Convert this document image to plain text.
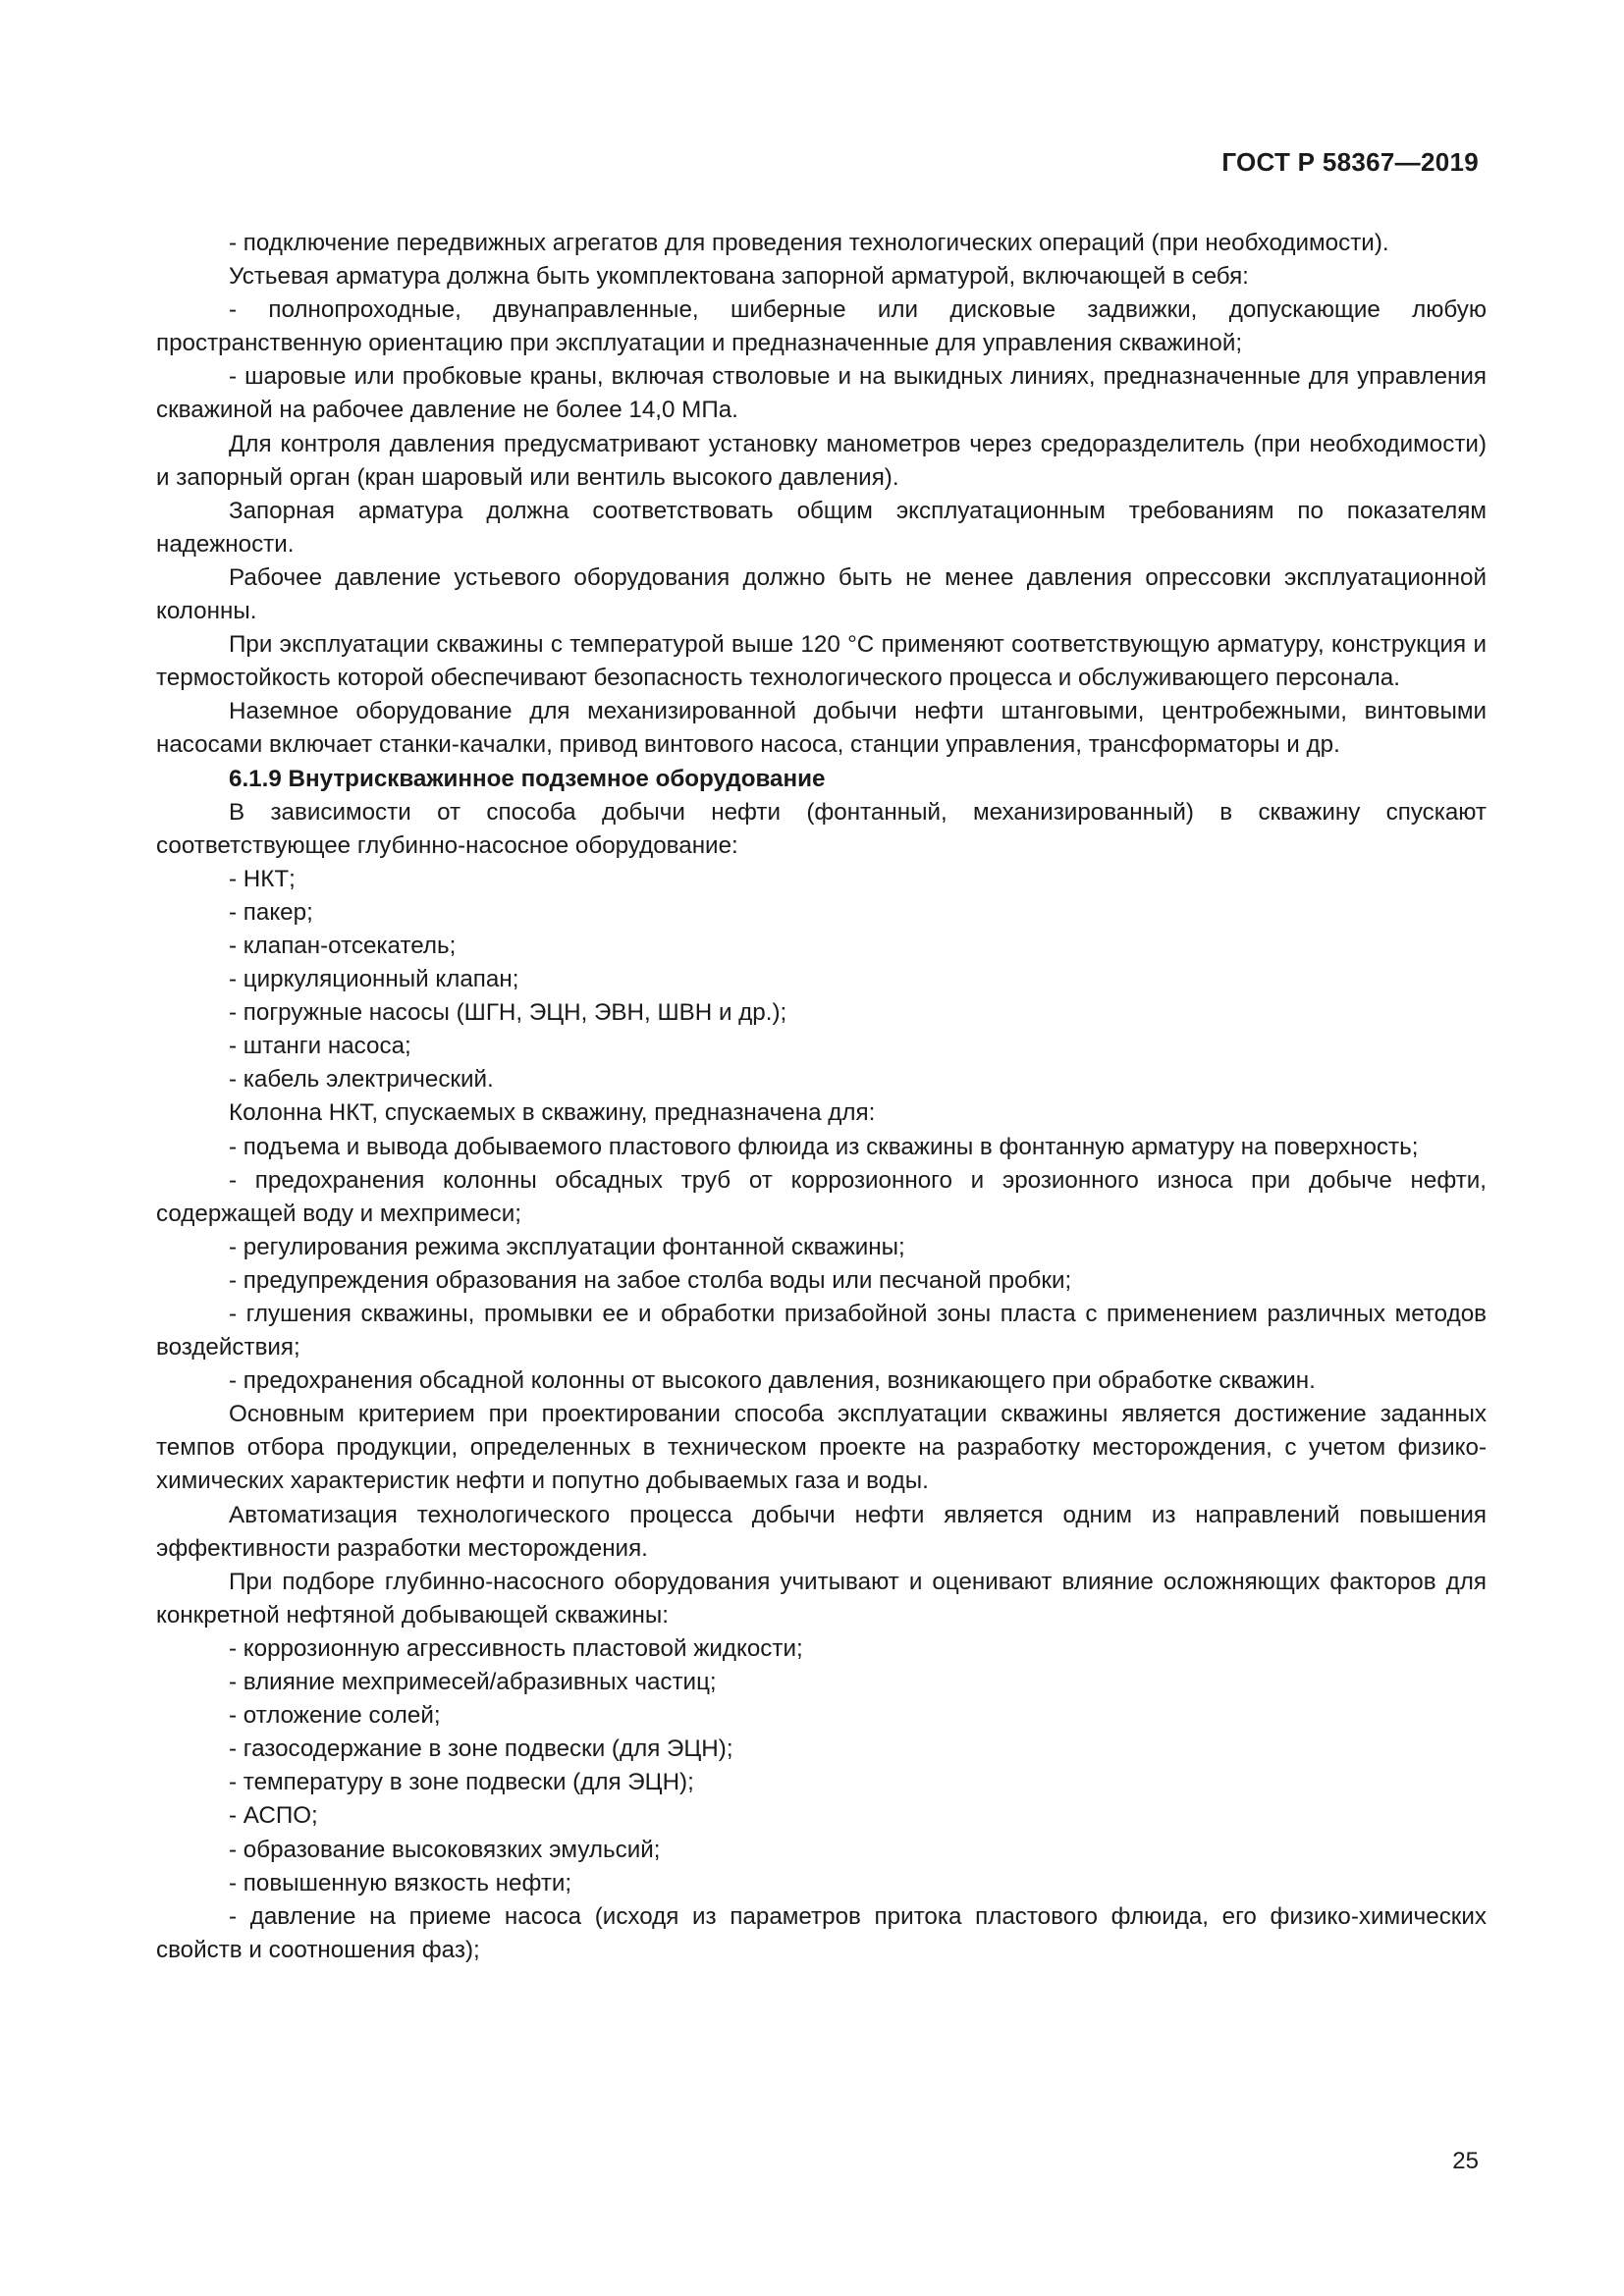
ГОСТ Р 58367—2019

- подключение передвижных агрегатов для проведения технологических операций (при необходимости).

Устьевая арматура должна быть укомплектована запорной арматурой, включающей в себя:

- полнопроходные, двунаправленные, шиберные или дисковые задвижки, допускающие любую пространственную ориентацию при эксплуатации и предназначенные для управления скважиной;

- шаровые или пробковые краны, включая стволовые и на выкидных линиях, предназначенные для управления скважиной на рабочее давление не более 14,0 МПа.

Для контроля давления предусматривают установку манометров через средоразделитель (при необходимости) и запорный орган (кран шаровый или вентиль высокого давления).

Запорная арматура должна соответствовать общим эксплуатационным требованиям по показателям надежности.

Рабочее давление устьевого оборудования должно быть не менее давления опрессовки эксплуатационной колонны.

При эксплуатации скважины с температурой выше 120 °С применяют соответствующую арматуру, конструкция и термостойкость которой обеспечивают безопасность технологического процесса и обслуживающего персонала.

Наземное оборудование для механизированной добычи нефти штанговыми, центробежными, винтовыми насосами включает станки-качалки, привод винтового насоса, станции управления, трансформаторы и др.

6.1.9 Внутрискважинное подземное оборудование

В зависимости от способа добычи нефти (фонтанный, механизированный) в скважину спускают соответствующее глубинно-насосное оборудование:

- НКТ;

- пакер;

- клапан-отсекатель;

- циркуляционный клапан;

- погружные насосы (ШГН, ЭЦН, ЭВН, ШВН и др.);

- штанги насоса;

- кабель электрический.

Колонна НКТ, спускаемых в скважину, предназначена для:

- подъема и вывода добываемого пластового флюида из скважины в фонтанную арматуру на поверхность;

- предохранения колонны обсадных труб от коррозионного и эрозионного износа при добыче нефти, содержащей воду и мехпримеси;

- регулирования режима эксплуатации фонтанной скважины;

- предупреждения образования на забое столба воды или песчаной пробки;

- глушения скважины, промывки ее и обработки призабойной зоны пласта с применением различных методов воздействия;

- предохранения обсадной колонны от высокого давления, возникающего при обработке скважин.

Основным критерием при проектировании способа эксплуатации скважины является достижение заданных темпов отбора продукции, определенных в техническом проекте на разработку месторождения, с учетом физико-химических характеристик нефти и попутно добываемых газа и воды.

Автоматизация технологического процесса добычи нефти является одним из направлений повышения эффективности разработки месторождения.

При подборе глубинно-насосного оборудования учитывают и оценивают влияние осложняющих факторов для конкретной нефтяной добывающей скважины:

- коррозионную агрессивность пластовой жидкости;

- влияние мехпримесей/абразивных частиц;

- отложение солей;

- газосодержание в зоне подвески (для ЭЦН);

- температуру в зоне подвески (для ЭЦН);

- АСПО;

- образование высоковязких эмульсий;

- повышенную вязкость нефти;

- давление на приеме насоса (исходя из параметров притока пластового флюида, его физико-химических свойств и соотношения фаз);

25
